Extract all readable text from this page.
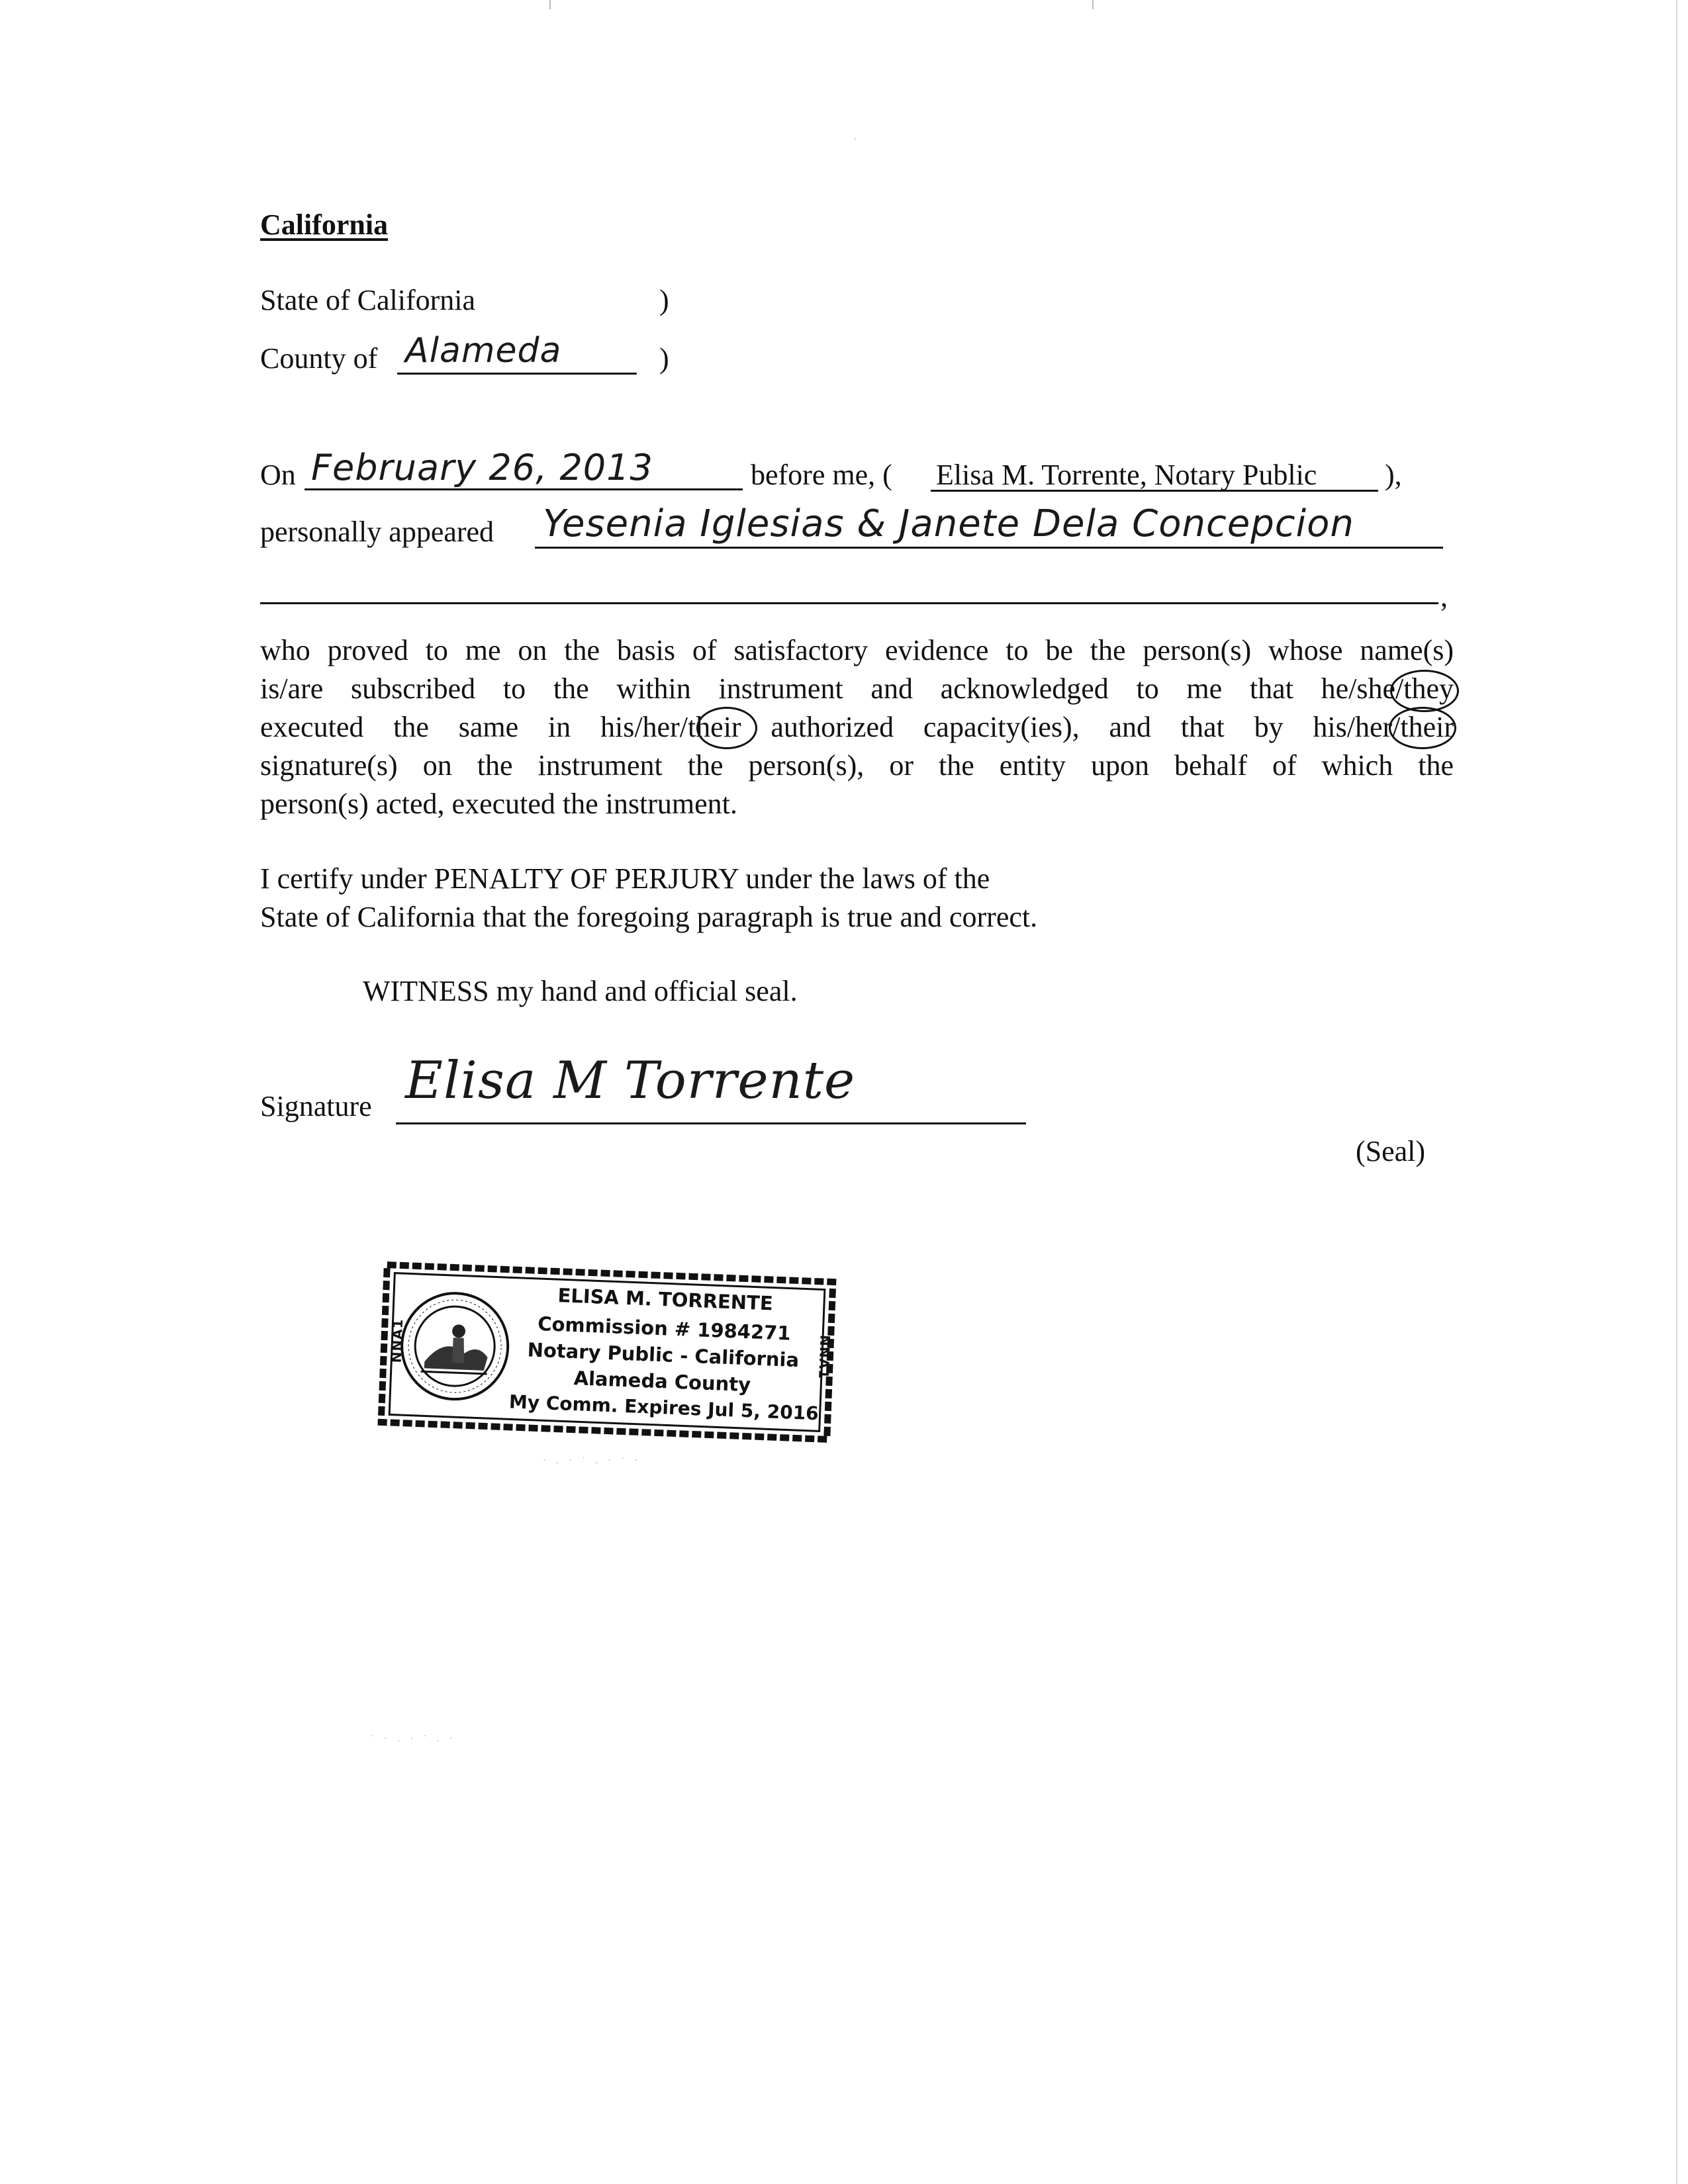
· . · ˙ . · ˙ ·
˙ · . · ˙ . ·
.
California
State of California	)
County of Alameda	)
On February 26, 2013	before me, ( Elisa M. Torrente, Notary Public ),
personally appeared Yesenia Iglesias & Janete Dela Concepcion
,
who proved to me on the basis of satisfactory evidence to be the person(s) whose name(s)
is/are subscribed to the within instrument and acknowledged to me that he/she/they
executed the same in his/her/their authorized capacity(ies), and that by his/her/their
signature(s) on the instrument the person(s), or the entity upon behalf of which the
person(s) acted, executed the instrument.
I certify under PENALTY OF PERJURY under the laws of the
State of California that the foregoing paragraph is true and correct.
WITNESS my hand and official seal.
Signature Elisa M Torrente
(Seal)
ELISA M. TORRENTE
Commission # 1984271
Notary Public - California
Alameda County
My Comm. Expires Jul 5, 2016
NNA1	NNA1
